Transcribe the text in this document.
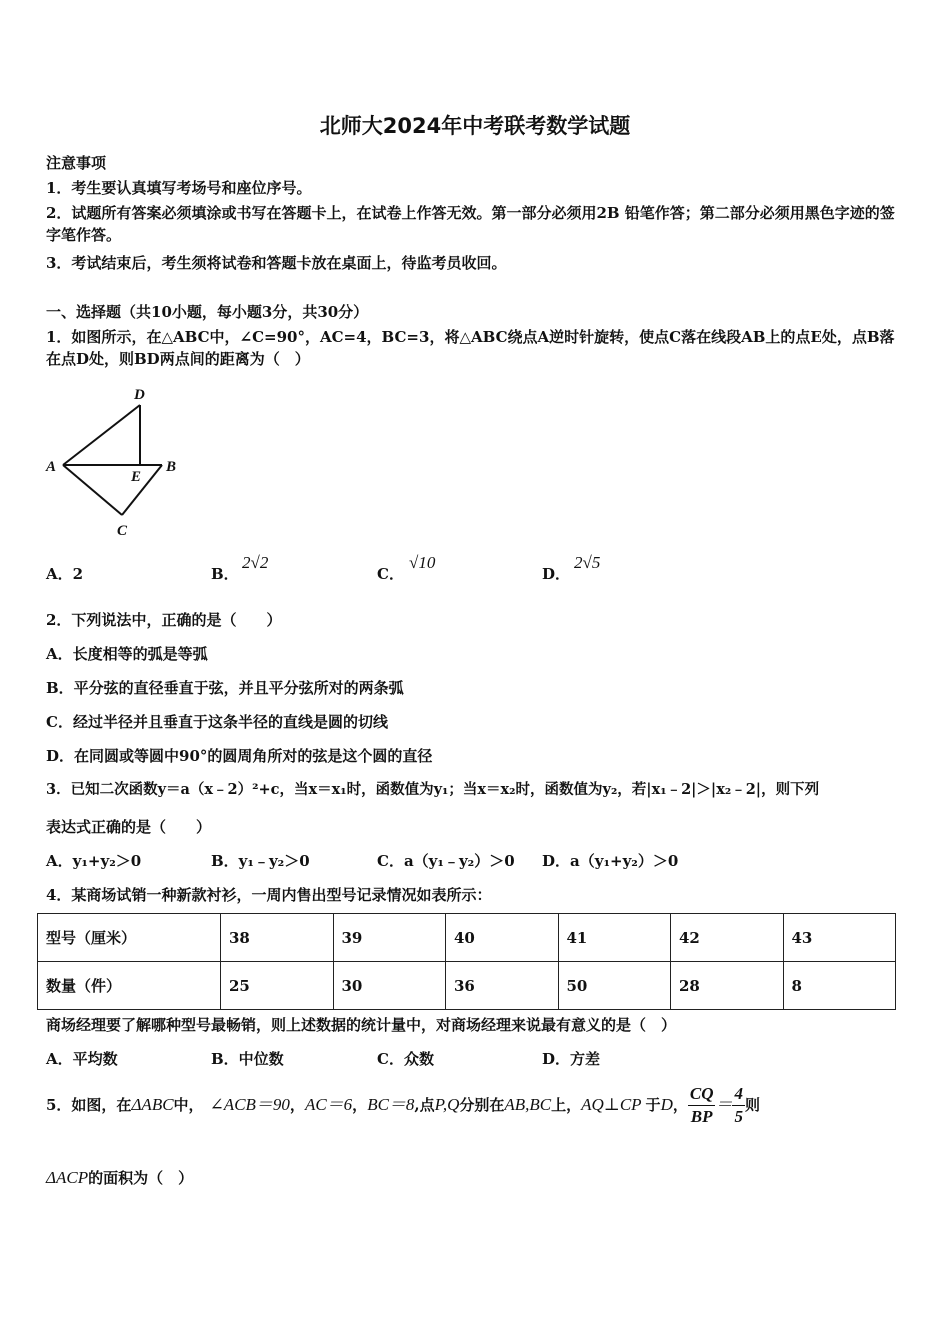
北师大2024年中考联考数学试题
注意事项
1．考生要认真填写考场号和座位序号。
2．试题所有答案必须填涂或书写在答题卡上，在试卷上作答无效。第一部分必须用2B 铅笔作答；第二部分必须用黑色字迹的签字笔作答。
3．考试结束后，考生须将试卷和答题卡放在桌面上，待监考员收回。
一、选择题（共10小题，每小题3分，共30分）
1．如图所示，在△ABC中，∠C=90°，AC=4，BC=3，将△ABC绕点A逆时针旋转，使点C落在线段AB上的点E处，点B落在点D处，则BD两点间的距离为（　）
D
A
E
B
C
A．2	B．
2√2
C．
√10
D．
2√5
2．下列说法中，正确的是（　　）
A．长度相等的弧是等弧
B．平分弦的直径垂直于弦，并且平分弦所对的两条弧
C．经过半径并且垂直于这条半径的直线是圆的切线
D．在同圆或等圆中90°的圆周角所对的弦是这个圆的直径
3．已知二次函数y＝a（x﹣2）²+c，当x＝x₁时，函数值为y₁；当x＝x₂时，函数值为y₂，若|x₁﹣2|＞|x₂﹣2|，则下列
表达式正确的是（　　）
A．y₁+y₂＞0	B．y₁﹣y₂＞0	C．a（y₁﹣y₂）＞0 D．a（y₁+y₂）＞0
4．某商场试销一种新款衬衫，一周内售出型号记录情况如表所示：
型号（厘米）	38	39	40	41	42	43
数量（件）	25	30	36	50	28	8
商场经理要了解哪种型号最畅销，则上述数据的统计量中，对商场经理来说最有意义的是（　）
A．平均数	B．中位数	C．众数	D．方差
5．如图，在 ΔABC 中， ∠ACB＝90 ， AC＝6 ， BC＝8 ,点 P,Q 分别在 AB,BC 上， AQ⊥CP 于 D ， $\frac{CQ}{BP} = \frac{4}{5}$ 则
ΔACP的面积为（　）
